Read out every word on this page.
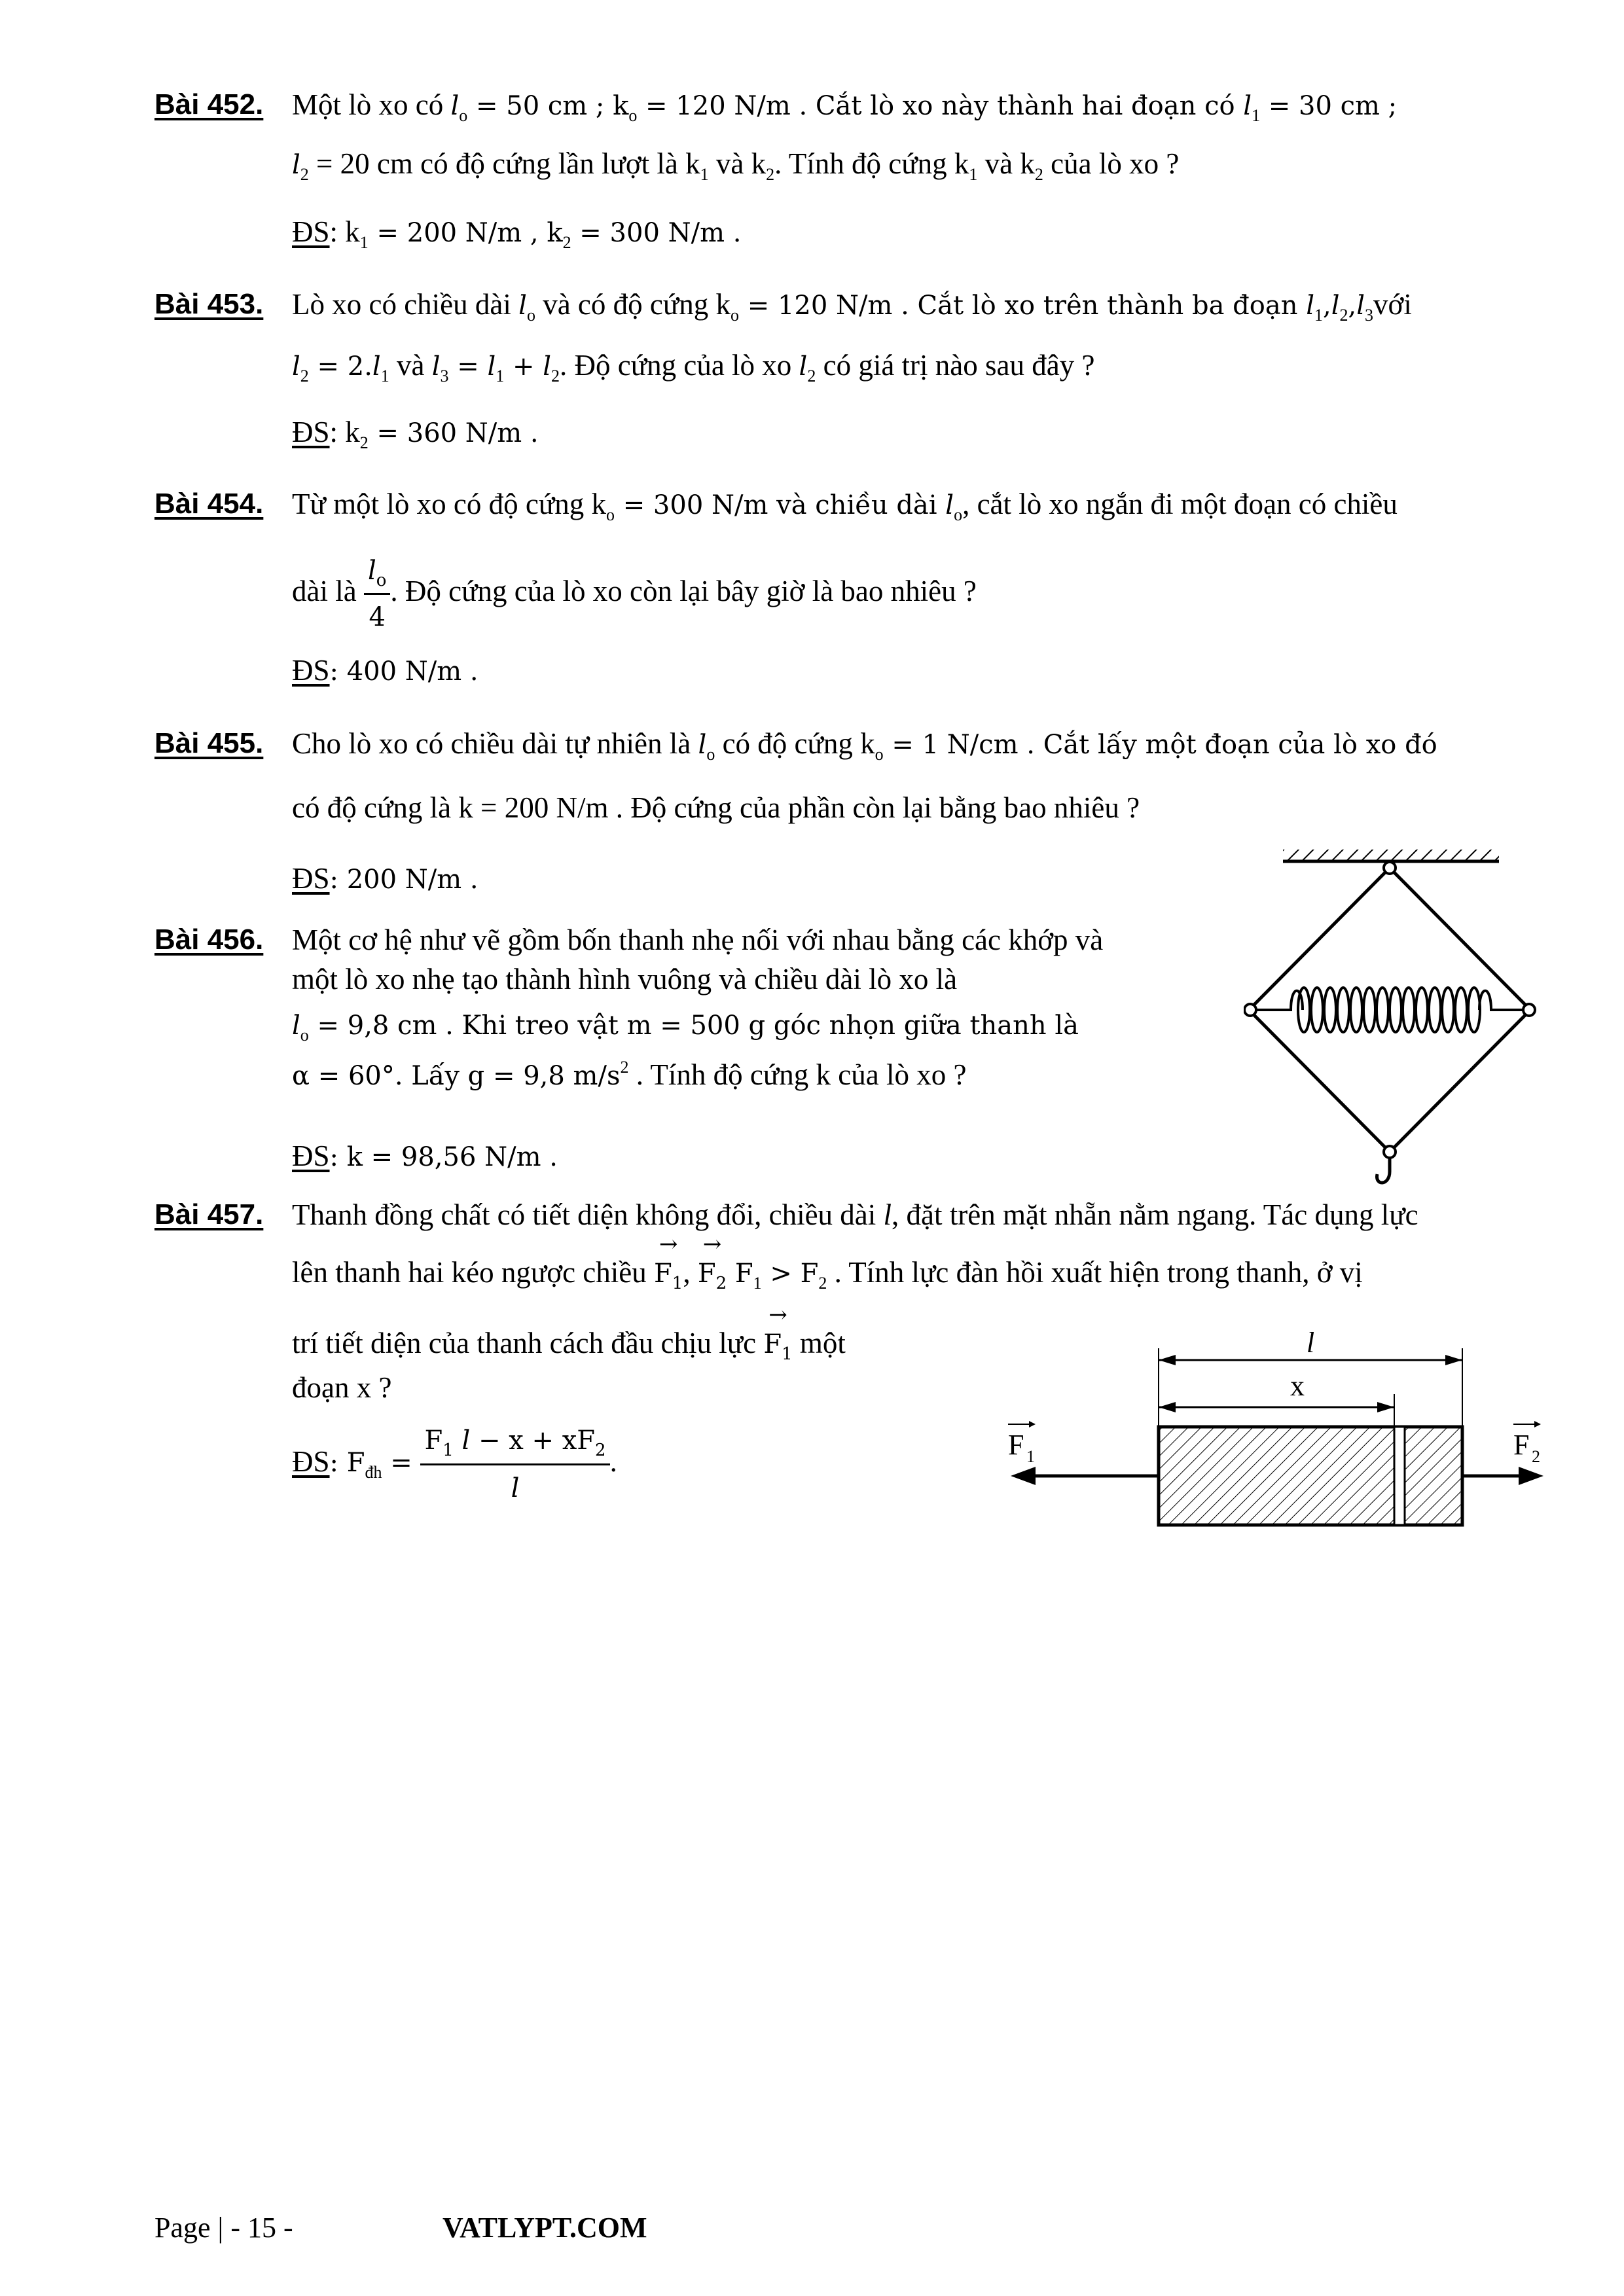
Bài 452. Một lò xo có $l_o = 50$ cm ; $k_o = 120$ N/m . Cắt lò xo này thành hai đoạn có $l_1 = 30$ cm ;
$l_2 = 20$ cm có độ cứng lần lượt là $k_1$ và $k_2$. Tính độ cứng $k_1$ và $k_2$ của lò xo ?
ĐS: $k_1 = 200$ N/m , $k_2 = 300$ N/m .
Bài 453. Lò xo có chiều dài $l_o$ và có độ cứng $k_o = 120$ N/m . Cắt lò xo trên thành ba đoạn $l_1,l_2,l_3với$
$l_2 = 2.l_1$ và $l_3 = l_1 + l_2$. Độ cứng của lò xo $l_2$ có giá trị nào sau đây ?
ĐS: $k_2 = 360$ N/m .
Bài 454. Từ một lò xo có độ cứng $k_o = 300$ N/m và chiều dài $l_o$, cắt lò xo ngắn đi một đoạn có chiều
dài là $\frac{l_o}{4}$ . Độ cứng của lò xo còn lại bây giờ là bao nhiêu ?
ĐS: 400 N/m .
Bài 455. Cho lò xo có chiều dài tự nhiên là $l_o$ có độ cứng $k_o = 1$ N/cm . Cắt lấy một đoạn của lò xo đó
có độ cứng là k = 200 N/m . Độ cứng của phần còn lại bằng bao nhiêu ?
ĐS: 200 N/m .
Bài 456. Một cơ hệ như vẽ gồm bốn thanh nhẹ nối với nhau bằng các khớp và
một lò xo nhẹ tạo thành hình vuông và chiều dài lò xo là
$l_o = 9,8$ cm . Khi treo vật m = 500 g góc nhọn giữa thanh là
α = 60°. Lấy g = 9,8 $m/s^2$ . Tính độ cứng k của lò xo ?
ĐS: k = 98,56 N/m .
Bài 457. Thanh đồng chất có tiết diện không đổi, chiều dài l, đặt trên mặt nhẵn nằm ngang. Tác dụng lực
lên thanh hai kéo ngược chiều → $F_1$, → $F_2$ $F_1 > F_2$ . Tính lực đàn hồi xuất hiện trong thanh, ở vị
trí tiết diện của thanh cách đầu chịu lực → $F_1$ một
đoạn x ?
ĐS: $F_{đh} = \frac{F_1 l - x + xF_2}{l}$ .
l
x
F 1	F 2
Page | - 15 -	VATLYPT.COM
